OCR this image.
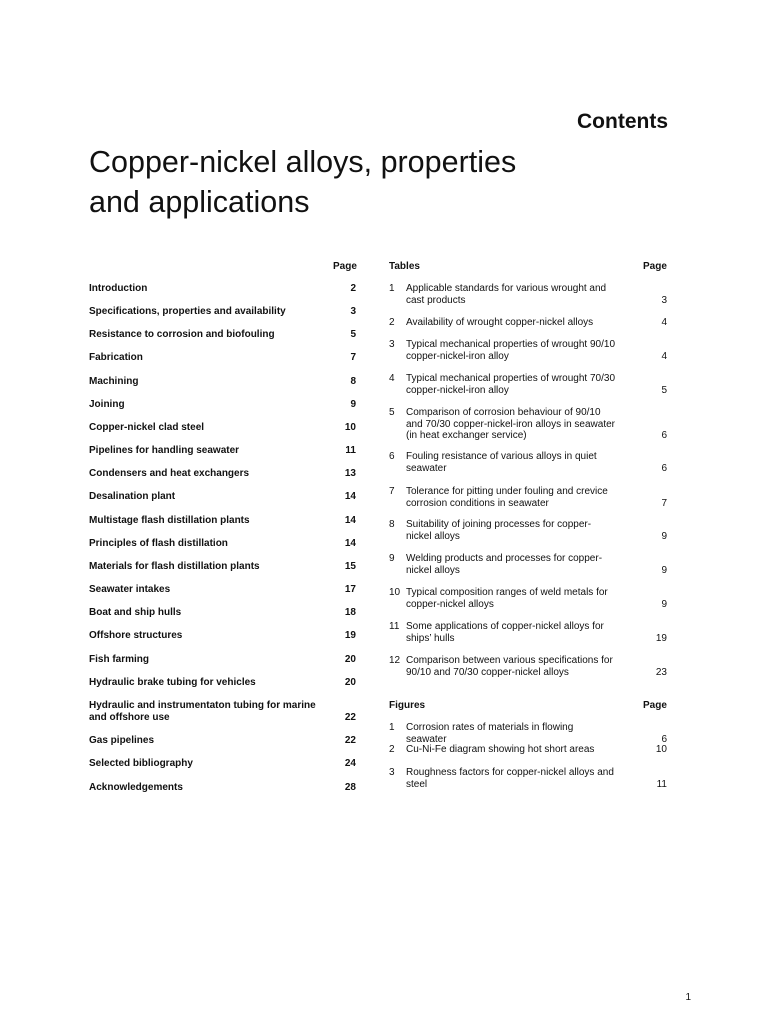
Contents
Copper-nickel alloys, properties
and applications
Page
Introduction	2
Specifications, properties and availability	3
Resistance to corrosion and biofouling	5
Fabrication	7
Machining	8
Joining	9
Copper-nickel clad steel	10
Pipelines for handling seawater	11
Condensers and heat exchangers	13
Desalination plant	14
Multistage flash distillation plants	14
Principles of flash distillation	14
Materials for flash distillation plants	15
Seawater intakes	17
Boat and ship hulls	18
Offshore structures	19
Fish farming	20
Hydraulic brake tubing for vehicles	20
Hydraulic and instrumentaton tubing for marine and offshore use	22
Gas pipelines	22
Selected bibliography	24
Acknowledgements	28
Tables	Page
1 Applicable standards for various wrought and cast products	3
2 Availability of wrought copper-nickel alloys	4
3 Typical mechanical properties of wrought 90/10 copper-nickel-iron alloy	4
4 Typical mechanical properties of wrought 70/30 copper-nickel-iron alloy	5
5 Comparison of corrosion behaviour of 90/10 and 70/30 copper-nickel-iron alloys in seawater (in heat exchanger service)	6
6 Fouling resistance of various alloys in quiet seawater	6
7 Tolerance for pitting under fouling and crevice corrosion conditions in seawater	7
8 Suitability of joining processes for copper-nickel alloys	9
9 Welding products and processes for copper-nickel alloys	9
10 Typical composition ranges of weld metals for copper-nickel alloys	9
11 Some applications of copper-nickel alloys for ships’ hulls	19
12 Comparison between various specifications for 90/10 and 70/30 copper-nickel alloys	23
Figures	Page
1 Corrosion rates of materials in flowing seawater	6
2 Cu-Ni-Fe diagram showing hot short areas	10
3 Roughness factors for copper-nickel alloys and steel	11
1
